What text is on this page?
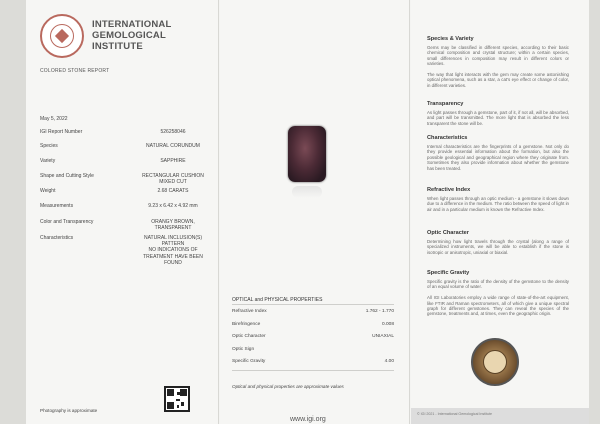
INTERNATIONAL
GEMOLOGICAL
INSTITUTE
COLORED STONE REPORT
May 5, 2022
IGI Report Number	526258046
Species	NATURAL CORUNDUM
Variety	SAPPHIRE
Shape and Cutting Style	RECTANGULAR CUSHION
MIXED CUT
Weight	2.68 CARATS
Measurements	9.23 x 6.42 x 4.92 mm
Color and Transparency	ORANGY BROWN,
TRANSPARENT
Characteristics	NATURAL INCLUSION(S)
PATTERN
NO INDICATIONS OF
TREATMENT HAVE BEEN
FOUND
Photography is approximate
OPTICAL and PHYSICAL PROPERTIES
Refractive Index	1.762 - 1.770
Birefringence	0.008
Optic Character	UNIAXIAL
Optic Sign
Specific Gravity	4.00
Optical and physical properties are approximate values
www.igi.org
Species & Variety
Gems may be classified in different species, according to their basic chemical composition and crystal structure; within a certain species, small differences in composition may result in different colors or varieties.

The way that light interacts with the gem may create some astonishing optical phenomena, such as a star, a cat's eye effect or change of color, in different varieties.
Transparency
As light passes through a gemstone, part of it, if not all, will be absorbed, and part will be transmitted. The more light that is absorbed the less transparent the stone will be.
Characteristics
Internal characteristics are the fingerprints of a gemstone. Not only do they provide essential information about the formation, but also the possible geological and geographical region where they originate from. Sometimes they also provide information about whether the gemstone has been treated.
Refractive Index
When light passes through an optic medium - a gemstone it slows down due to a difference in the medium. The ratio between the speed of light in air and in a particular medium is known the Refractive Index.
Optic Character
Determining how light travels through the crystal (along a range of specialized instruments, we will be able to establish if the stone is isotropic or anisotropic, uniaxial or biaxial.
Specific Gravity
Specific gravity is the ratio of the density of the gemstone to the density of an equal volume of water.

All IGI Laboratories employ a wide range of state-of-the-art equipment, like FTIR and Raman spectrometers, all of which give a unique spectral graph for different gemstones. They can reveal the species of the gemstone, treatments and, at times, even the geographic origin.
© IGI 2021 - International Gemological Institute
